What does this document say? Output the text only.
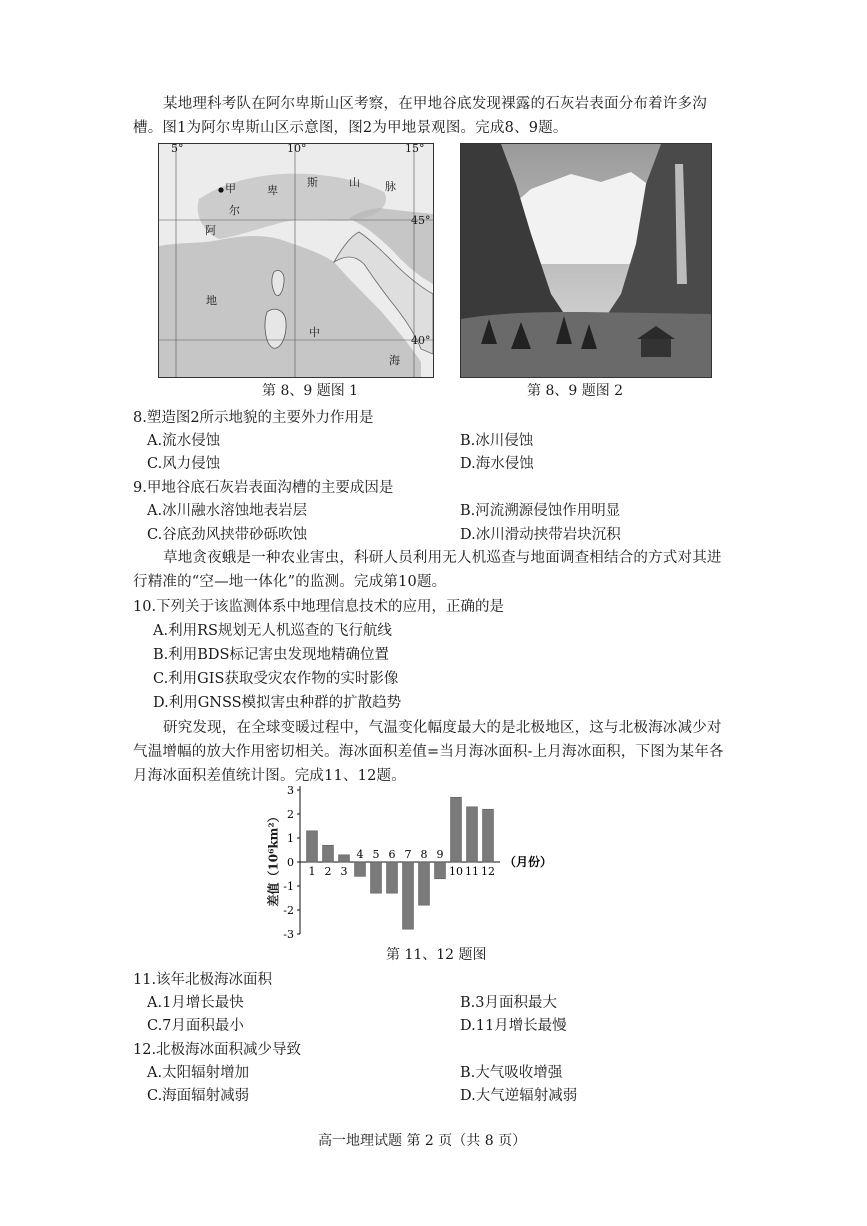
某地理科考队在阿尔卑斯山区考察，在甲地谷底发现裸露的石灰岩表面分布着许多沟
槽。图1为阿尔卑斯山区示意图，图2为甲地景观图。完成8、9题。
5°	10°	15°
45°
40°
甲
阿
尔
卑
斯	山 脉
地
中
海
第 8、9 题图 1	第 8、9 题图 2
8.塑造图2所示地貌的主要外力作用是
A.流水侵蚀	B.冰川侵蚀
C.风力侵蚀	D.海水侵蚀
9.甲地谷底石灰岩表面沟槽的主要成因是
A.冰川融水溶蚀地表岩层	B.河流溯源侵蚀作用明显
C.谷底劲风挟带砂砾吹蚀	D.冰川滑动挟带岩块沉积
草地贪夜蛾是一种农业害虫，科研人员利用无人机巡查与地面调查相结合的方式对其进
行精准的“空—地一体化”的监测。完成第10题。
10.下列关于该监测体系中地理信息技术的应用，正确的是
A.利用RS规划无人机巡查的飞行航线
B.利用BDS标记害虫发现地精确位置
C.利用GIS获取受灾农作物的实时影像
D.利用GNSS模拟害虫种群的扩散趋势
研究发现，在全球变暖过程中，气温变化幅度最大的是北极地区，这与北极海冰减少对
气温增幅的放大作用密切相关。海冰面积差值=当月海冰面积-上月海冰面积，下图为某年各
月海冰面积差值统计图。完成11、12题。
3
2
1
0
-1
-2
-3
1 2 3
4 5 6 7 8 9
10 11 12
（月份）
差值（10⁶km²）
第 11、12 题图
11.该年北极海冰面积
A.1月增长最快	B.3月面积最大
C.7月面积最小	D.11月增长最慢
12.北极海冰面积减少导致
A.太阳辐射增加	B.大气吸收增强
C.海面辐射减弱	D.大气逆辐射减弱
高一地理试题 第 2 页（共 8 页）
